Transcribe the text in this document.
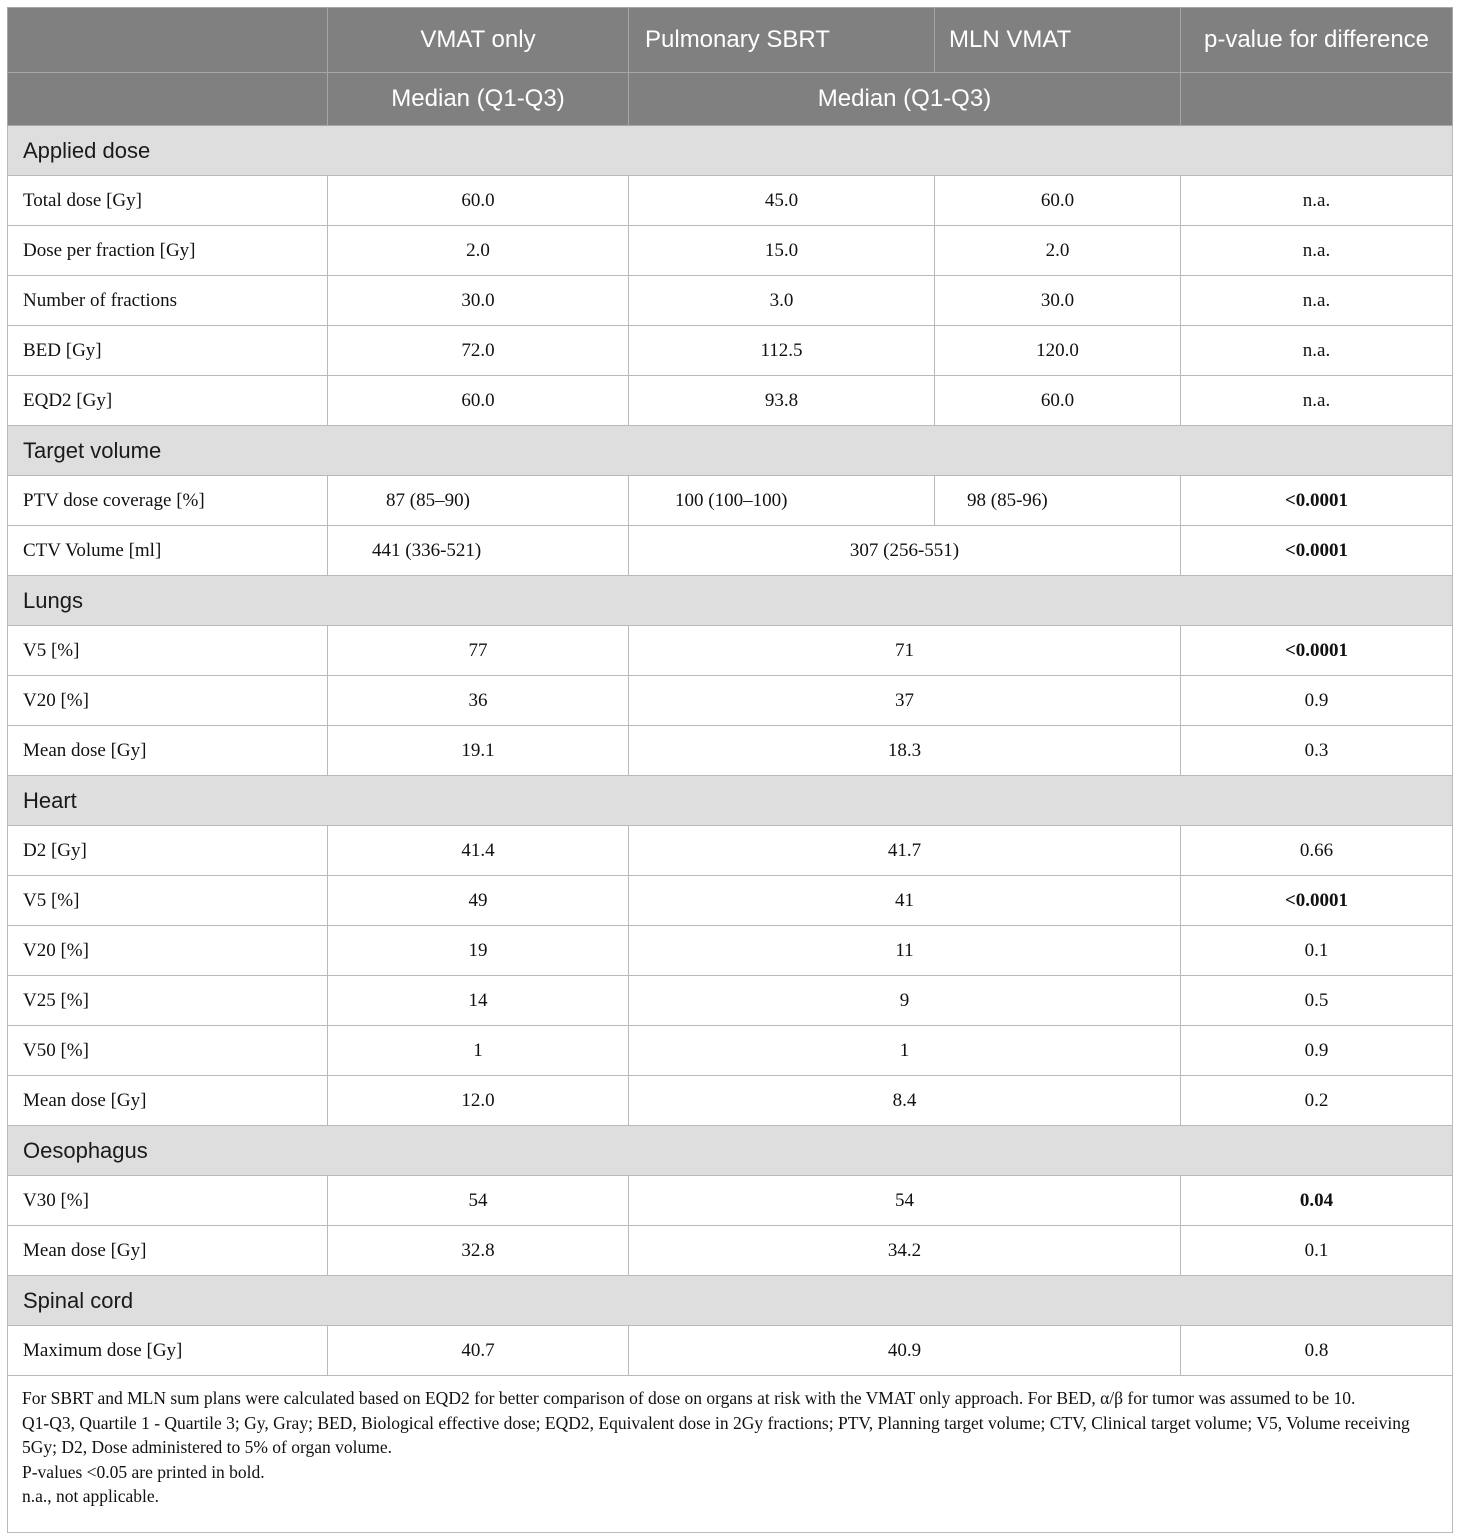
	VMAT only	Pulmonary SBRT	MLN VMAT	p-value for difference
	Median (Q1-Q3)	Median (Q1-Q3)		
Applied dose				
Total dose [Gy]	60.0	45.0	60.0	n.a.
Dose per fraction [Gy]	2.0	15.0	2.0	n.a.
Number of fractions	30.0	3.0	30.0	n.a.
BED [Gy]	72.0	112.5	120.0	n.a.
EQD2 [Gy]	60.0	93.8	60.0	n.a.
Target volume				
PTV dose coverage [%]	87 (85–90)	100 (100–100)	98 (85-96)	<0.0001
CTV Volume [ml]	441 (336-521)	307 (256-551)		<0.0001
Lungs				
V5 [%]	77	71		<0.0001
V20 [%]	36	37		0.9
Mean dose [Gy]	19.1	18.3		0.3
Heart				
D2 [Gy]	41.4	41.7		0.66
V5 [%]	49	41		<0.0001
V20 [%]	19	11		0.1
V25 [%]	14	9		0.5
V50 [%]	1	1		0.9
Mean dose [Gy]	12.0	8.4		0.2
Oesophagus				
V30 [%]	54	54		0.04
Mean dose [Gy]	32.8	34.2		0.1
Spinal cord				
Maximum dose [Gy]	40.7	40.9		0.8

For SBRT and MLN sum plans were calculated based on EQD2 for better comparison of dose on organs at risk with the VMAT only approach. For BED, α/β for tumor was assumed to be 10.
Q1-Q3, Quartile 1 - Quartile 3; Gy, Gray; BED, Biological effective dose; EQD2, Equivalent dose in 2Gy fractions; PTV, Planning target volume; CTV, Clinical target volume; V5, Volume receiving 5Gy; D2, Dose administered to 5% of organ volume.
P-values <0.05 are printed in bold.
n.a., not applicable.				
